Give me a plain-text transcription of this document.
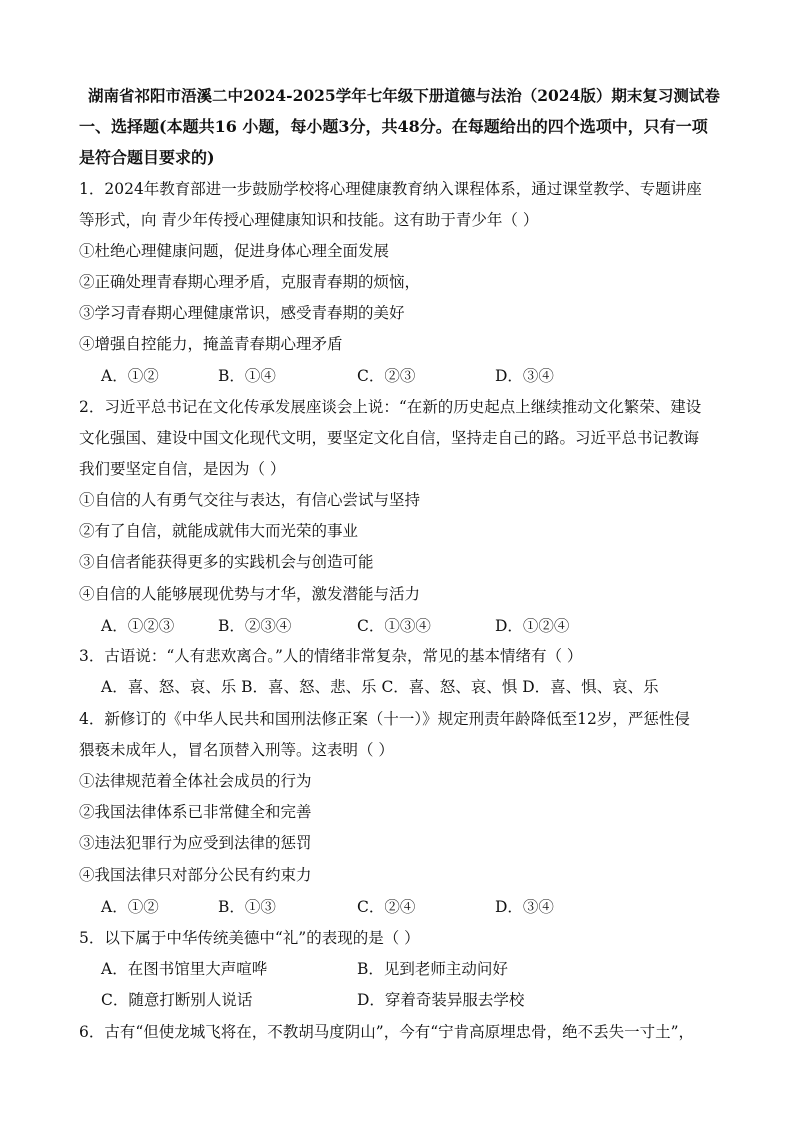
湖南省祁阳市浯溪二中2024-2025学年七年级下册道德与法治（2024版）期末复习测试卷
一、选择题(本题共16 小题，每小题3分，共48分。在每题给出的四个选项中，只有一项
是符合题目要求的)
1．2024年教育部进一步鼓励学校将心理健康教育纳入课程体系，通过课堂教学、专题讲座
等形式，向 青少年传授心理健康知识和技能。这有助于青少年（ ）
①杜绝心理健康问题，促进身体心理全面发展
②正确处理青春期心理矛盾，克服青春期的烦恼，
③学习青春期心理健康常识，感受青春期的美好
④增强自控能力，掩盖青春期心理矛盾
A．①②	B．①④	C．②③	D．③④
2．习近平总书记在文化传承发展座谈会上说：“在新的历史起点上继续推动文化繁荣、建设
文化强国、建设中国文化现代文明，要坚定文化自信，坚持走自己的路。习近平总书记教诲
我们要坚定自信，是因为（ ）
①自信的人有勇气交往与表达，有信心尝试与坚持
②有了自信，就能成就伟大而光荣的事业
③自信者能获得更多的实践机会与创造可能
④自信的人能够展现优势与才华，激发潜能与活力
A．①②③	B．②③④	C．①③④	D．①②④
3．古语说：“人有悲欢离合。”人的情绪非常复杂，常见的基本情绪有（ ）
A．喜、怒、哀、乐 B．喜、怒、悲、乐 C．喜、怒、哀、惧 D．喜、惧、哀、乐
4．新修订的《中华人民共和国刑法修正案（十一）》规定刑责年龄降低至12岁，严惩性侵
猥亵未成年人，冒名顶替入刑等。这表明（ ）
①法律规范着全体社会成员的行为
②我国法律体系已非常健全和完善
③违法犯罪行为应受到法律的惩罚
④我国法律只对部分公民有约束力
A．①②	B．①③	C．②④	D．③④
5．以下属于中华传统美德中“礼”的表现的是（ ）
A．在图书馆里大声喧哗	B．见到老师主动问好
C．随意打断别人说话	D．穿着奇装异服去学校
6．古有“但使龙城飞将在，不教胡马度阴山”，今有“宁肯高原埋忠骨，绝不丢失一寸土”，
